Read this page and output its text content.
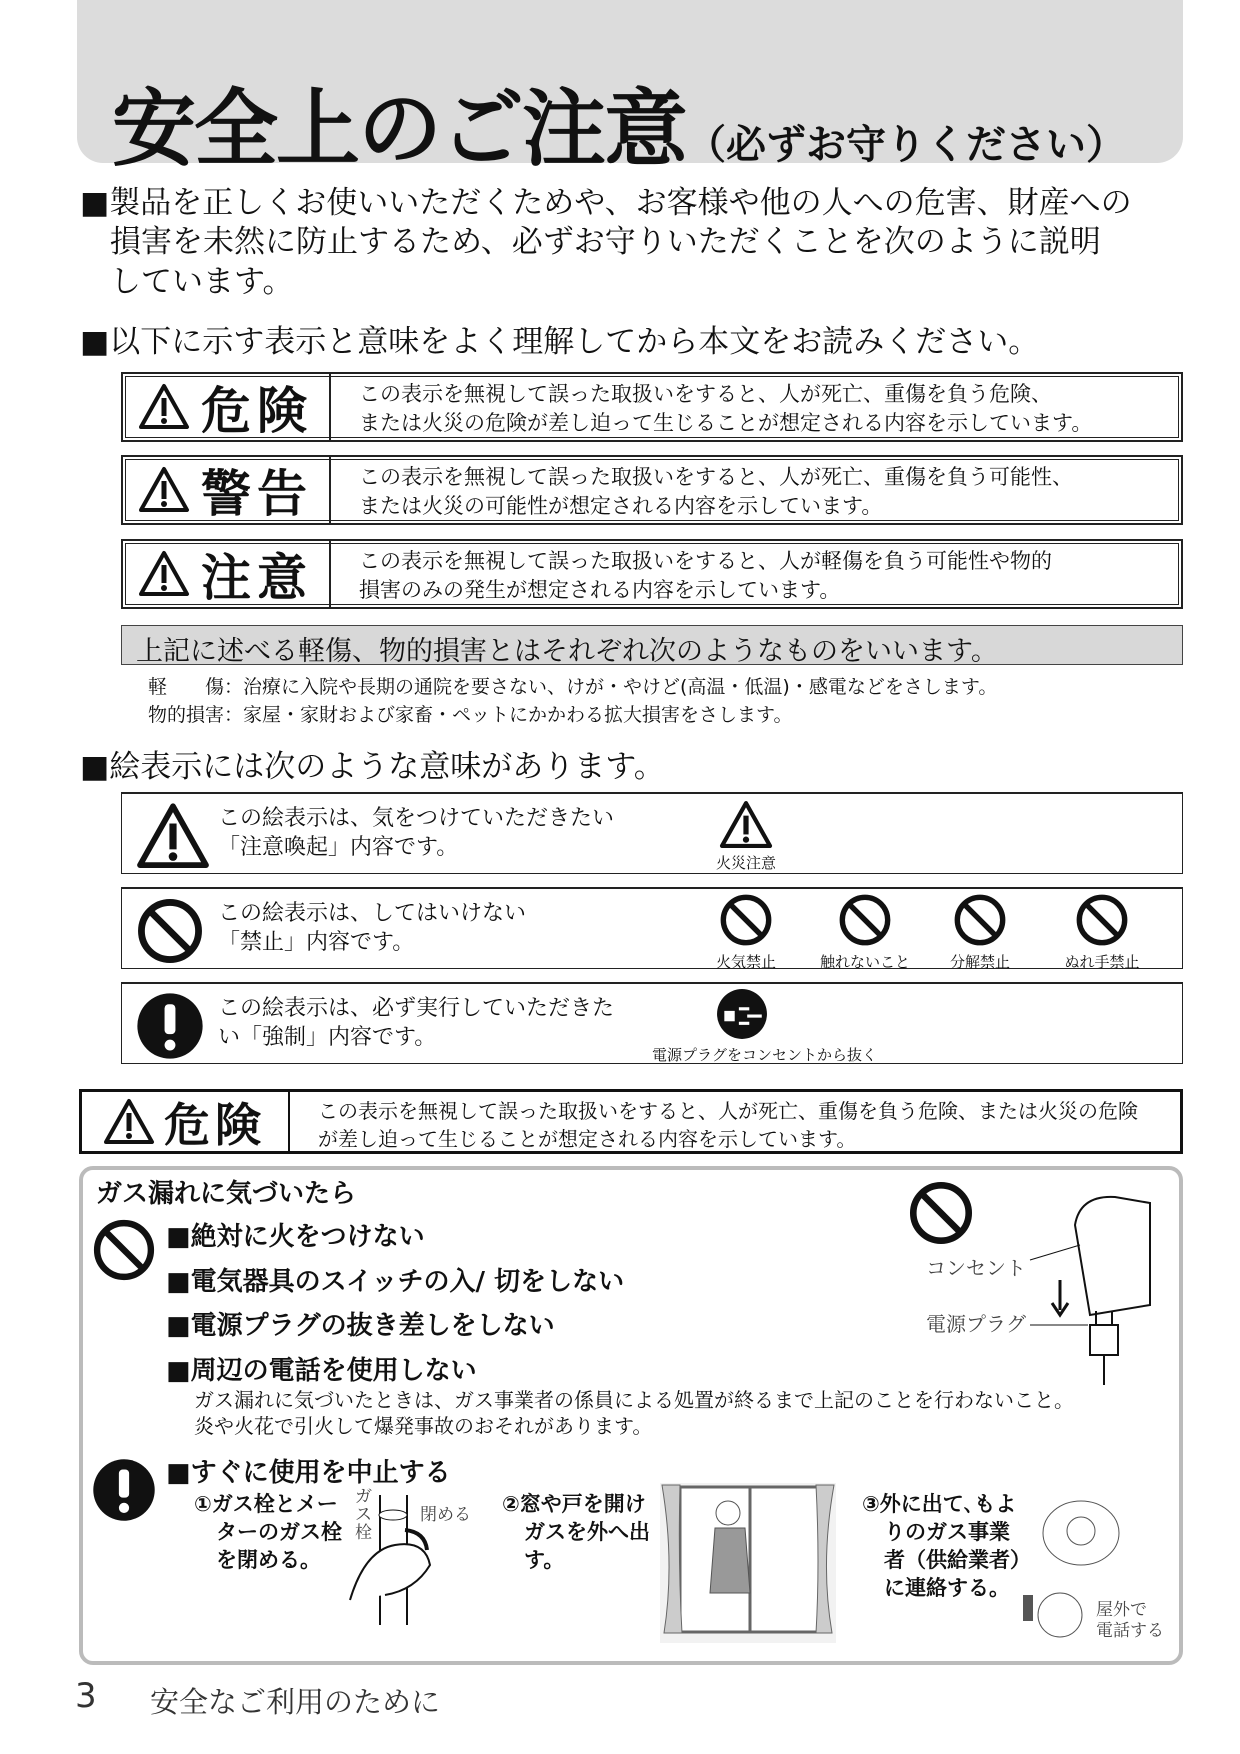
安全上のご注意（必ずお守りください）
■製品を正しくお使いいただくためや、お客様や他の人への危害、財産への
損害を未然に防止するため、必ずお守りいただくことを次のように説明
しています。
■以下に示す表示と意味をよく理解してから本文をお読みください。
危険 この表示を無視して誤った取扱いをすると、人が死亡、重傷を負う危険、
または火災の危険が差し迫って生じることが想定される内容を示しています。
警告 この表示を無視して誤った取扱いをすると、人が死亡、重傷を負う可能性、
または火災の可能性が想定される内容を示しています。
注意 この表示を無視して誤った取扱いをすると、人が軽傷を負う可能性や物的
損害のみの発生が想定される内容を示しています。
上記に述べる軽傷、物的損害とはそれぞれ次のようなものをいいます。
軽　　傷：治療に入院や長期の通院を要さない、けが・やけど(高温・低温)・感電などをさします。
物的損害：家屋・家財および家畜・ペットにかかわる拡大損害をさします。
■絵表示には次のような意味があります。
この絵表示は、気をつけていただきたい
「注意喚起」内容です。
火災注意
この絵表示は、してはいけない
「禁止」内容です。
火気禁止	触れないこと	分解禁止	ぬれ手禁止
この絵表示は、必ず実行していただきた
い「強制」内容です。
電源プラグをコンセントから抜く
危険	この表示を無視して誤った取扱いをすると、人が死亡、重傷を負う危険、または火災の危険
が差し迫って生じることが想定される内容を示しています。
ガス漏れに気づいたら
■絶対に火をつけない
■電気器具のスイッチの入/ 切をしない
■電源プラグの抜き差しをしない
■周辺の電話を使用しない
ガス漏れに気づいたときは、ガス事業者の係員による処置が終るまで上記のことを行わないこと。
炎や火花で引火して爆発事故のおそれがあります。
コンセント
電源プラグ
■すぐに使用を中止する
①ガス栓とメー
ターのガス栓
を閉める。
ガス栓
閉める ②窓や戸を開け
ガスを外へ出
す。
③外に出て､もよ
りのガス事業
者（供給業者）
に連絡する。
屋外で
電話する
3 安全なご利用のために
